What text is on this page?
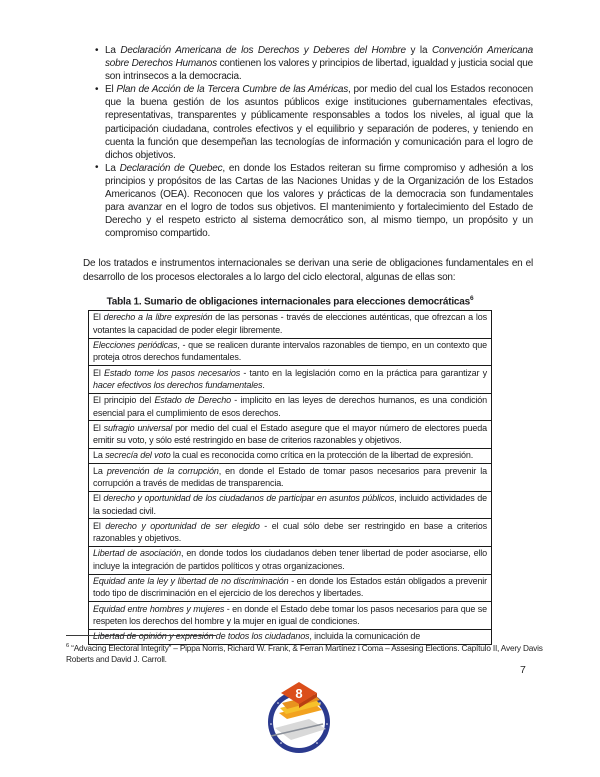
• La Declaración Americana de los Derechos y Deberes del Hombre y la Convención Americana sobre Derechos Humanos contienen los valores y principios de libertad, igualdad y justicia social que son intrinsecos a la democracia.
• El Plan de Acción de la Tercera Cumbre de las Américas, por medio del cual los Estados reconocen que la buena gestión de los asuntos públicos exige instituciones gubernamentales efectivas, representativas, transparentes y públicamente responsables a todos los niveles, al igual que la participación ciudadana, controles efectivos y el equilibrio y separación de poderes, y teniendo en cuenta la función que desempeñan las tecnologías de información y comunicación para el logro de dichos objetivos.
• La Declaración de Quebec, en donde los Estados reiteran su firme compromiso y adhesión a los principios y propósitos de las Cartas de las Naciones Unidas y de la Organización de los Estados Americanos (OEA). Reconocen que los valores y prácticas de la democracia son fundamentales para avanzar en el logro de todos sus objetivos. El mantenimiento y fortalecimiento del Estado de Derecho y el respeto estricto al sistema democrático son, al mismo tiempo, un propósito y un compromiso compartido.

De los tratados e instrumentos internacionales se derivan una serie de obligaciones fundamentales en el desarrollo de los procesos electorales a lo largo del ciclo electoral, algunas de ellas son:

Tabla 1. Sumario de obligaciones internacionales para elecciones democráticas$^6$
El derecho a la libre expresión de las personas - través de elecciones auténticas, que ofrezcan a los votantes la capacidad de poder elegir libremente.
Elecciones periódicas, - que se realicen durante intervalos razonables de tiempo, en un contexto que proteja otros derechos fundamentales.
El Estado tome los pasos necesarios - tanto en la legislación como en la práctica para garantizar y hacer efectivos los derechos fundamentales.
El principio del Estado de Derecho - implicito en las leyes de derechos humanos, es una condición esencial para el cumplimiento de esos derechos.
El sufragio universal por medio del cual el Estado asegure que el mayor número de electores pueda emitir su voto, y sólo esté restringido en base de criterios razonables y objetivos.
La secrecía del voto la cual es reconocida como crítica en la protección de la libertad de expresión.
La prevención de la corrupción, en donde el Estado de tomar pasos necesarios para prevenir la corrupción a través de medidas de transparencia.
El derecho y oportunidad de los ciudadanos de participar en asuntos públicos, incluido actividades de la sociedad civil.
El derecho y oportunidad de ser elegido - el cual sólo debe ser restringido en base a criterios razonables y objetivos.
Libertad de asociación, en donde todos los ciudadanos deben tener libertad de poder asociarse, ello incluye la integración de partidos políticos y otras organizaciones.
Equidad ante la ley y libertad de no discriminación - en donde los Estados están obligados a prevenir todo tipo de discriminación en el ejercicio de los derechos y libertades.
Equidad entre hombres y mujeres - en donde el Estado debe tomar los pasos necesarios para que se respeten los derechos del hombre y la mujer en igual de condiciones.
Libertad de opinión y expresión de todos los ciudadanos, incluida la comunicación de
$^6$ “Advacing Electoral Integrity” – Pippa Norris, Richard W. Frank, & Ferran Martínez i Coma – Assesing Elections. Capítulo II, Avery Davis Roberts and David J. Carroll.
7
8
